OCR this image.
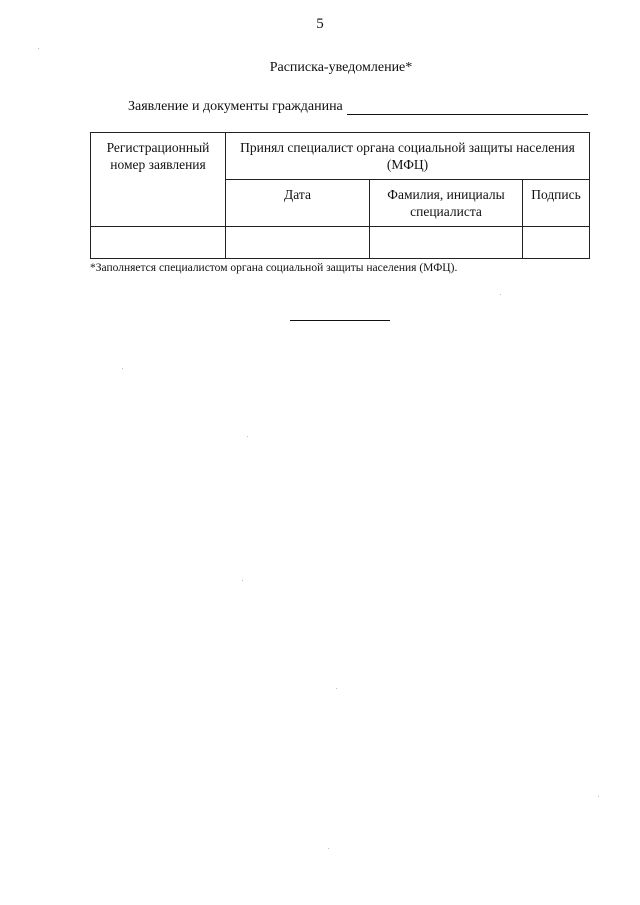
5
Расписка-уведомление*
Заявление и документы гражданина
Регистрационный номер заявления	Принял специалист органа социальной защиты населения (МФЦ)		
	Дата	Фамилия, инициалы специалиста	Подпись

*Заполняется специалистом органа социальной защиты населения (МФЦ).
